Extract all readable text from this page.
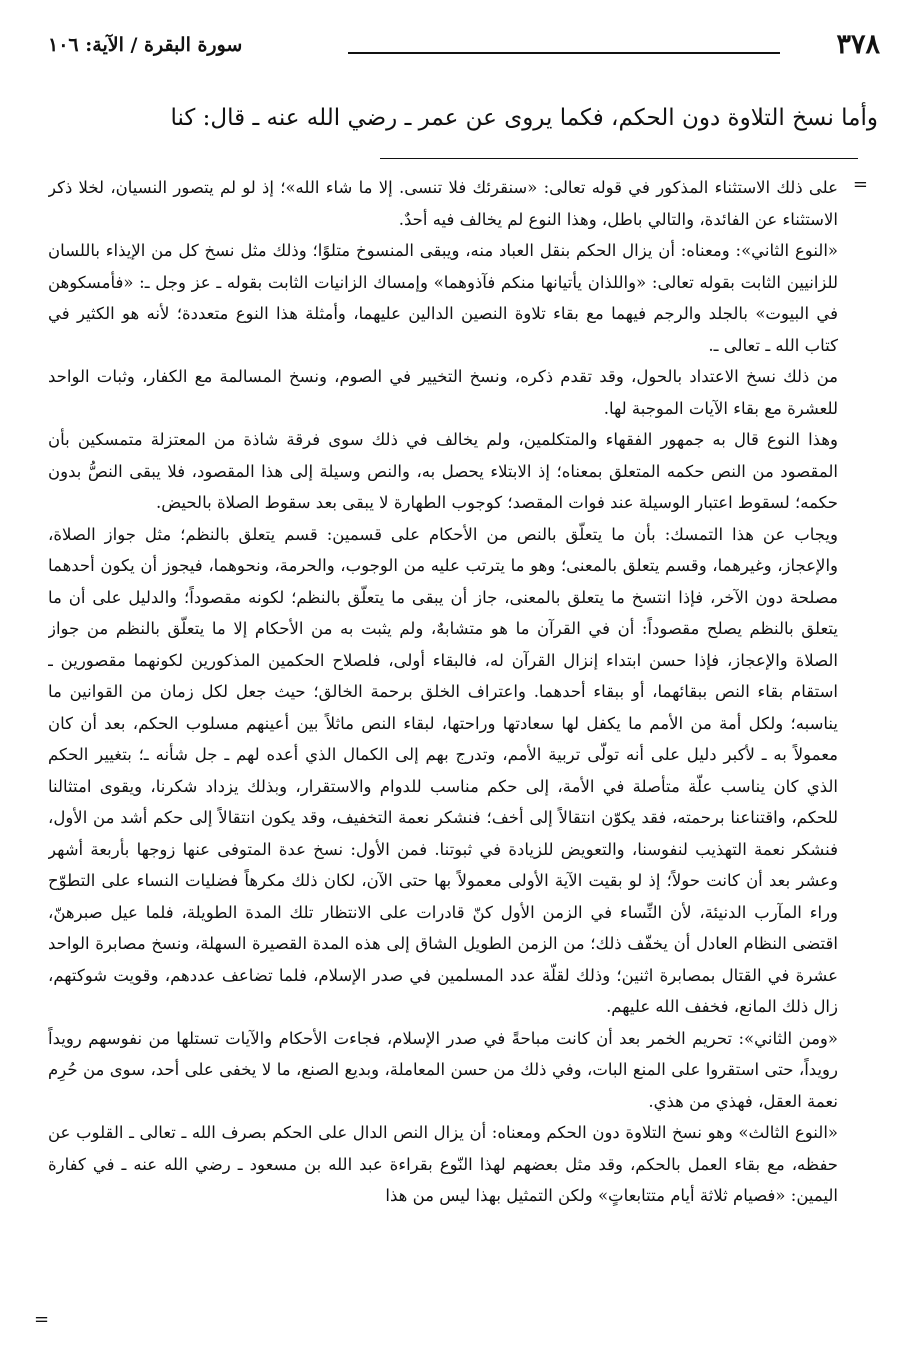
٣٧٨
سورة البقرة / الآية: ١٠٦
وأما نسخ التلاوة دون الحكم، فكما يروى عن عمر ـ رضي الله عنه ـ قال: كنا
=

على ذلك الاستثناء المذكور في قوله تعالى: «سنقرئك فلا تنسى. إلا ما شاء الله»؛ إذ لو لم يتصور النسيان، لخلا ذكر الاستثناء عن الفائدة، والتالي باطل، وهذا النوع لم يخالف فيه أحدٌ.

«النوع الثاني»: ومعناه: أن يزال الحكم بنقل العباد منه، ويبقى المنسوخ متلوًا؛ وذلك مثل نسخ كل من الإيذاء باللسان للزانيين الثابت بقوله تعالى: «واللذان يأتيانها منكم فآذوهما» وإمساك الزانيات الثابت بقوله ـ عز وجل ـ: «فأمسكوهن في البيوت» بالجلد والرجم فيهما مع بقاء تلاوة النصين الدالين عليهما، وأمثلة هذا النوع متعددة؛ لأنه هو الكثير في كتاب الله ـ تعالى ـ.

من ذلك نسخ الاعتداد بالحول، وقد تقدم ذكره، ونسخ التخيير في الصوم، ونسخ المسالمة مع الكفار، وثبات الواحد للعشرة مع بقاء الآيات الموجبة لها.

وهذا النوع قال به جمهور الفقهاء والمتكلمين، ولم يخالف في ذلك سوى فرقة شاذة من المعتزلة متمسكين بأن المقصود من النص حكمه المتعلق بمعناه؛ إذ الابتلاء يحصل به، والنص وسيلة إلى هذا المقصود، فلا يبقى النصُّ بدون حكمه؛ لسقوط اعتبار الوسيلة عند فوات المقصد؛ كوجوب الطهارة لا يبقى بعد سقوط الصلاة بالحيض.

ويجاب عن هذا التمسك: بأن ما يتعلّق بالنص من الأحكام على قسمين: قسم يتعلق بالنظم؛ مثل جواز الصلاة، والإعجاز، وغيرهما، وقسم يتعلق بالمعنى؛ وهو ما يترتب عليه من الوجوب، والحرمة، ونحوهما، فيجوز أن يكون أحدهما مصلحة دون الآخر، فإذا انتسخ ما يتعلق بالمعنى، جاز أن يبقى ما يتعلّق بالنظم؛ لكونه مقصوداً؛ والدليل على أن ما يتعلق بالنظم يصلح مقصوداً: أن في القرآن ما هو متشابهٌ، ولم يثبت به من الأحكام إلا ما يتعلّق بالنظم من جواز الصلاة والإعجاز، فإذا حسن ابتداء إنزال القرآن له، فالبقاء أولى، فلصلاح الحكمين المذكورين لكونهما مقصورين ـ استقام بقاء النص ببقائهما، أو ببقاء أحدهما. واعتراف الخلق برحمة الخالق؛ حيث جعل لكل زمان من القوانين ما يناسبه؛ ولكل أمة من الأمم ما يكفل لها سعادتها وراحتها، لبقاء النص ماثلاً بين أعينهم مسلوب الحكم، بعد أن كان معمولاً به ـ لأكبر دليل على أنه تولّى تربية الأمم، وتدرج بهم إلى الكمال الذي أعده لهم ـ جل شأنه ـ؛ بتغيير الحكم الذي كان يناسب علّة متأصلة في الأمة، إلى حكم مناسب للدوام والاستقرار، وبذلك يزداد شكرنا، ويقوى امتثالنا للحكم، واقتناعنا برحمته، فقد يكوّن انتقالاً إلى أخف؛ فنشكر نعمة التخفيف، وقد يكون انتقالاً إلى حكم أشد من الأول، فنشكر نعمة التهذيب لنفوسنا، والتعويض للزيادة في ثبوتنا. فمن الأول: نسخ عدة المتوفى عنها زوجها بأربعة أشهر وعشر بعد أن كانت حولاً؛ إذ لو بقيت الآية الأولى معمولاً بها حتى الآن، لكان ذلك مكرهاً فضليات النساء على التطوّح وراء المآرب الدنيئة، لأن النِّساء في الزمن الأول كنّ قادرات على الانتظار تلك المدة الطويلة، فلما عيل صبرهنّ، اقتضى النظام العادل أن يخفّف ذلك؛ من الزمن الطويل الشاق إلى هذه المدة القصيرة السهلة، ونسخ مصابرة الواحد عشرة في القتال بمصابرة اثنين؛ وذلك لقلّة عدد المسلمين في صدر الإسلام، فلما تضاعف عددهم، وقويت شوكتهم، زال ذلك المانع، فخفف الله عليهم.

«ومن الثاني»: تحريم الخمر بعد أن كانت مباحةً في صدر الإسلام، فجاءت الأحكام والآيات تستلها من نفوسهم رويداً رويداً، حتى استقروا على المنع البات، وفي ذلك من حسن المعاملة، وبديع الصنع، ما لا يخفى على أحد، سوى من حُرِم نعمة العقل، فهذي من هذي.

«النوع الثالث» وهو نسخ التلاوة دون الحكم ومعناه: أن يزال النص الدال على الحكم بصرف الله ـ تعالى ـ القلوب عن حفظه، مع بقاء العمل بالحكم، وقد مثل بعضهم لهذا النّوع بقراءة عبد الله بن مسعود ـ رضي الله عنه ـ في كفارة اليمين: «فصيام ثلاثة أيام متتابعاتٍ» ولكن التمثيل بهذا ليس من هذا

=
